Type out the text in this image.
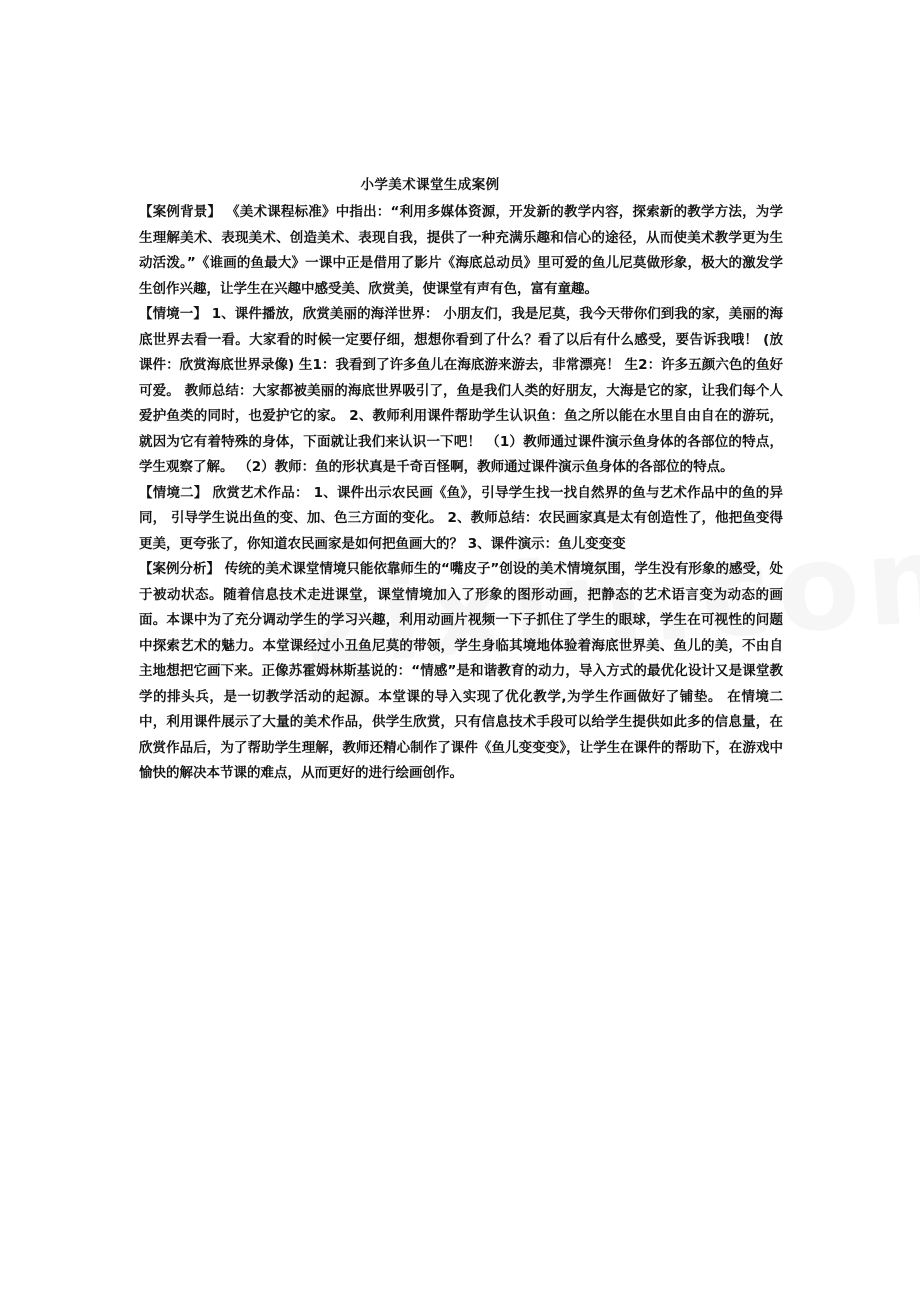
小学美术课堂生成案例

【案例背景】 《美术课程标准》中指出：“利用多媒体资源，开发新的教学内容，探索新的教学方法，为学生理解美术、表现美术、创造美术、表现自我，提供了一种充满乐趣和信心的途径，从而使美术教学更为生动活泼。”《谁画的鱼最大》一课中正是借用了影片《海底总动员》里可爱的鱼儿尼莫做形象，极大的激发学生创作兴趣，让学生在兴趣中感受美、欣赏美，使课堂有声有色，富有童趣。

【情境一】 1、课件播放，欣赏美丽的海洋世界： 小朋友们，我是尼莫，我今天带你们到我的家，美丽的海底世界去看一看。大家看的时候一定要仔细，想想你看到了什么？看了以后有什么感受，要告诉我哦！ (放课件：欣赏海底世界录像) 生1：我看到了许多鱼儿在海底游来游去，非常漂亮！ 生2：许多五颜六色的鱼好可爱。 教师总结：大家都被美丽的海底世界吸引了，鱼是我们人类的好朋友，大海是它的家，让我们每个人爱护鱼类的同时，也爱护它的家。 2、教师利用课件帮助学生认识鱼：鱼之所以能在水里自由自在的游玩，就因为它有着特殊的身体，下面就让我们来认识一下吧！ （1）教师通过课件演示鱼身体的各部位的特点，学生观察了解。 （2）教师：鱼的形状真是千奇百怪啊，教师通过课件演示鱼身体的各部位的特点。

【情境二】 欣赏艺术作品： 1、课件出示农民画《鱼》，引导学生找一找自然界的鱼与艺术作品中的鱼的异同， 引导学生说出鱼的变、加、色三方面的变化。 2、教师总结：农民画家真是太有创造性了，他把鱼变得更美，更夸张了，你知道农民画家是如何把鱼画大的？ 3、课件演示：鱼儿变变变

【案例分析】 传统的美术课堂情境只能依靠师生的“嘴皮子”创设的美术情境氛围，学生没有形象的感受，处于被动状态。随着信息技术走进课堂，课堂情境加入了形象的图形动画，把静态的艺术语言变为动态的画面。本课中为了充分调动学生的学习兴趣，利用动画片视频一下子抓住了学生的眼球，学生在可视性的问题中探索艺术的魅力。本堂课经过小丑鱼尼莫的带领，学生身临其境地体验着海底世界美、鱼儿的美，不由自主地想把它画下来。正像苏霍姆林斯基说的：“情感”是和谐教育的动力，导入方式的最优化设计又是课堂教学的排头兵，是一切教学活动的起源。本堂课的导入实现了优化教学,为学生作画做好了铺垫。 在情境二中，利用课件展示了大量的美术作品，供学生欣赏，只有信息技术手段可以给学生提供如此多的信息量，在欣赏作品后，为了帮助学生理解，教师还精心制作了课件《鱼儿变变变》，让学生在课件的帮助下，在游戏中愉快的解决本节课的难点，从而更好的进行绘画创作。
